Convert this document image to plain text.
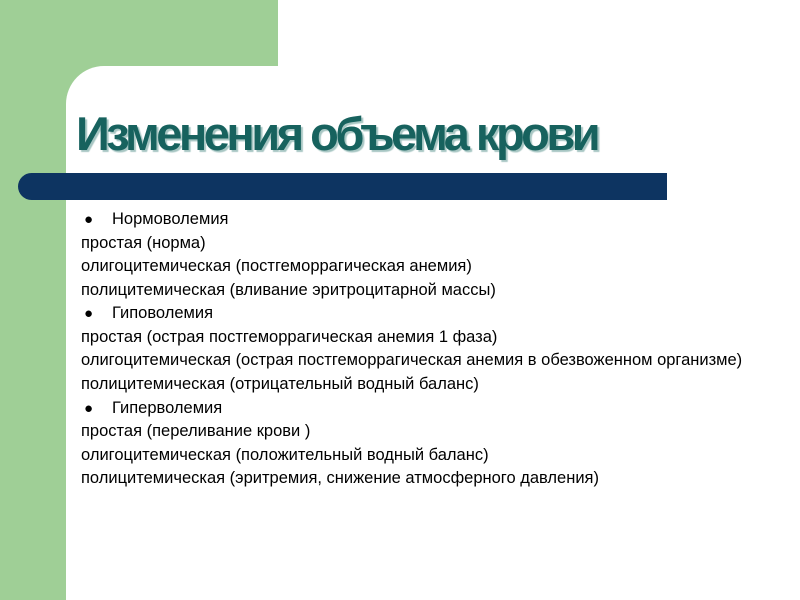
Изменения объема крови
● Нормоволемия
простая (норма)
олигоцитемическая (постгеморрагическая анемия)
полицитемическая (вливание эритроцитарной массы)
● Гиповолемия
простая (острая постгеморрагическая анемия 1 фаза)
олигоцитемическая (острая постгеморрагическая анемия в обезвоженном организме)
полицитемическая (отрицательный водный баланс)
● Гиперволемия
простая (переливание крови )
олигоцитемическая (положительный водный баланс)
полицитемическая (эритремия, снижение атмосферного давления)
